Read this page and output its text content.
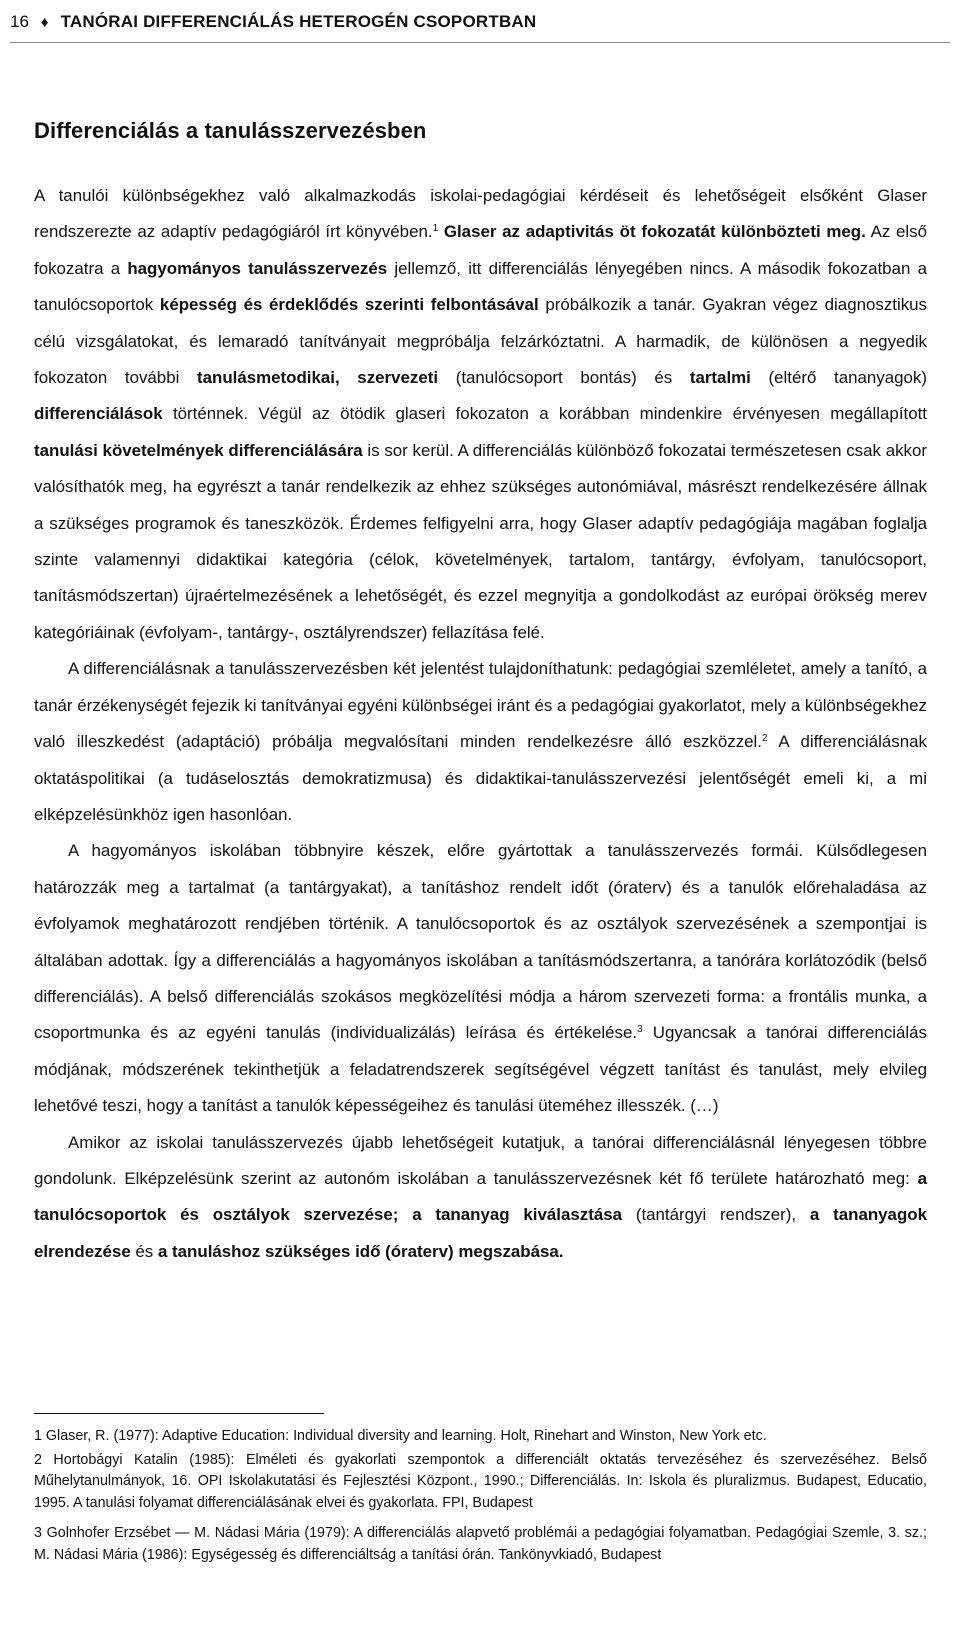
16 ♦ TANÓRAI DIFFERENCIÁLÁS HETEROGÉN CSOPORTBAN
Differenciálás a tanulásszervezésben

A tanulói különbségekhez való alkalmazkodás iskolai-pedagógiai kérdéseit és lehetőségeit elsőként Glaser rendszerezte az adaptív pedagógiáról írt könyvében.$^1$ Glaser az adaptivitás öt fokozatát különbözteti meg. Az első fokozatra a hagyományos tanulásszervezés jellemző, itt differenciálás lényegében nincs. A második fokozatban a tanulócsoportok képesség és érdeklődés szerinti felbontásával próbálkozik a tanár. Gyakran végez diagnosztikus célú vizsgálatokat, és lemaradó tanítványait megpróbálja felzárkóztatni. A harmadik, de különösen a negyedik fokozaton további tanulásmetodikai, szervezeti (tanulócsoport bontás) és tartalmi (eltérő tananyagok) differenciálások történnek. Végül az ötödik glaseri fokozaton a korábban mindenkire érvényesen megállapított tanulási követelmények differenciálására is sor kerül. A differenciálás különböző fokozatai természetesen csak akkor valósíthatók meg, ha egyrészt a tanár rendelkezik az ehhez szükséges autonómiával, másrészt rendelkezésére állnak a szükséges programok és taneszközök. Érdemes felfigyelni arra, hogy Glaser adaptív pedagógiája magában foglalja szinte valamennyi didaktikai kategória (célok, követelmények, tartalom, tantárgy, évfolyam, tanulócsoport, tanításmódszertan) újraértelmezésének a lehetőségét, és ezzel megnyitja a gondolkodást az európai örökség merev kategóriáinak (évfolyam-, tantárgy-, osztályrendszer) fellazítása felé.

A differenciálásnak a tanulásszervezésben két jelentést tulajdoníthatunk: pedagógiai szemléletet, amely a tanító, a tanár érzékenységét fejezik ki tanítványai egyéni különbségei iránt és a pedagógiai gyakorlatot, mely a különbségekhez való illeszkedést (adaptáció) próbálja megvalósítani minden rendelkezésre álló eszközzel.$^2$ A differenciálásnak oktatáspolitikai (a tudáselosztás demokratizmusa) és didaktikai-tanulásszervezési jelentőségét emeli ki, a mi elképzelésünkhöz igen hasonlóan.

A hagyományos iskolában többnyire készek, előre gyártottak a tanulásszervezés formái. Külsődlegesen határozzák meg a tartalmat (a tantárgyakat), a tanításhoz rendelt időt (óraterv) és a tanulók előrehaladása az évfolyamok meghatározott rendjében történik. A tanulócsoportok és az osztályok szervezésének a szempontjai is általában adottak. Így a differenciálás a hagyományos iskolában a tanításmódszertanra, a tanórára korlátozódik (belső differenciálás). A belső differenciálás szokásos megközelítési módja a három szervezeti forma: a frontális munka, a csoportmunka és az egyéni tanulás (individualizálás) leírása és értékelése.$^3$ Ugyancsak a tanórai differenciálás módjának, módszerének tekinthetjük a feladatrendszerek segítségével végzett tanítást és tanulást, mely elvileg lehetővé teszi, hogy a tanítást a tanulók képességeihez és tanulási üteméhez illesszék. (…)

Amikor az iskolai tanulásszervezés újabb lehetőségeit kutatjuk, a tanórai differenciálásnál lényegesen többre gondolunk. Elképzelésünk szerint az autonóm iskolában a tanulásszervezésnek két fő területe határozható meg: a tanulócsoportok és osztályok szervezése; a tananyag kiválasztása (tantárgyi rendszer), a tananyagok elrendezése és a tanuláshoz szükséges idő (óraterv) megszabása.

1 Glaser, R. (1977): Adaptive Education: Individual diversity and learning. Holt, Rinehart and Winston, New York etc.

2 Hortobágyi Katalin (1985): Elméleti és gyakorlati szempontok a differenciált oktatás tervezéséhez és szervezéséhez. Belső Műhelytanulmányok, 16. OPI Iskolakutatási és Fejlesztési Központ., 1990.; Differenciálás. In: Iskola és pluralizmus. Budapest, Educatio, 1995. A tanulási folyamat differenciálásának elvei és gyakorlata. FPI, Budapest

3 Golnhofer Erzsébet ― M. Nádasi Mária (1979): A differenciálás alapvető problémái a pedagógiai folyamatban. Pedagógiai Szemle, 3. sz.; M. Nádasi Mária (1986): Egységesség és differenciáltság a tanítási órán. Tankönyvkiadó, Budapest
